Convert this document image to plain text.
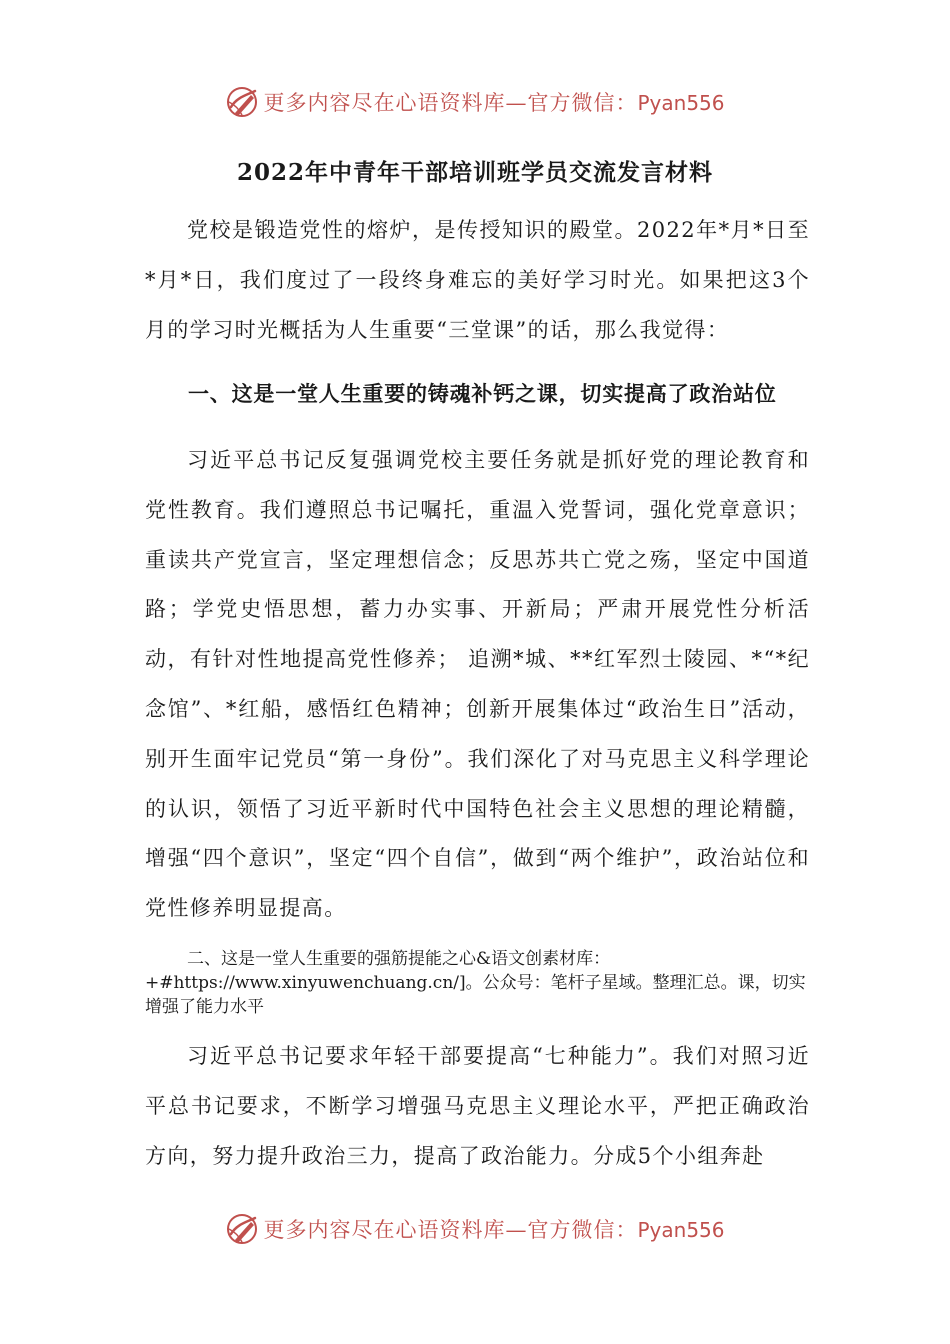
更多内容尽在心语资料库—官方微信：Pyan556
2022年中青年干部培训班学员交流发言材料

党校是锻造党性的熔炉，是传授知识的殿堂。2022年*月*日至*月*日，我们度过了一段终身难忘的美好学习时光。如果把这3个月的学习时光概括为人生重要“三堂课”的话，那么我觉得：

一、这是一堂人生重要的铸魂补钙之课，切实提高了政治站位

习近平总书记反复强调党校主要任务就是抓好党的理论教育和党性教育。我们遵照总书记嘱托，重温入党誓词，强化党章意识；重读共产党宣言，坚定理想信念；反思苏共亡党之殇，坚定中国道路；学党史悟思想，蓄力办实事、开新局；严肃开展党性分析活动，有针对性地提高党性修养； 追溯*城、**红军烈士陵园、*“*纪念馆”、*红船，感悟红色精神；创新开展集体过“政治生日”活动，别开生面牢记党员“第一身份”。我们深化了对马克思主义科学理论的认识，领悟了习近平新时代中国特色社会主义思想的理论精髓，增强“四个意识”，坚定“四个自信”，做到“两个维护”，政治站位和党性修养明显提高。

二、这是一堂人生重要的强筋提能之心&语文创素材库：+#https://www.xinyuwenchuang.cn/]。公众号：笔杆子星域。整理汇总。课，切实增强了能力水平

习近平总书记要求年轻干部要提高“七种能力”。我们对照习近平总书记要求，不断学习增强马克思主义理论水平，严把正确政治方向，努力提升政治三力，提高了政治能力。分成5个小组奔赴

更多内容尽在心语资料库—官方微信：Pyan556
